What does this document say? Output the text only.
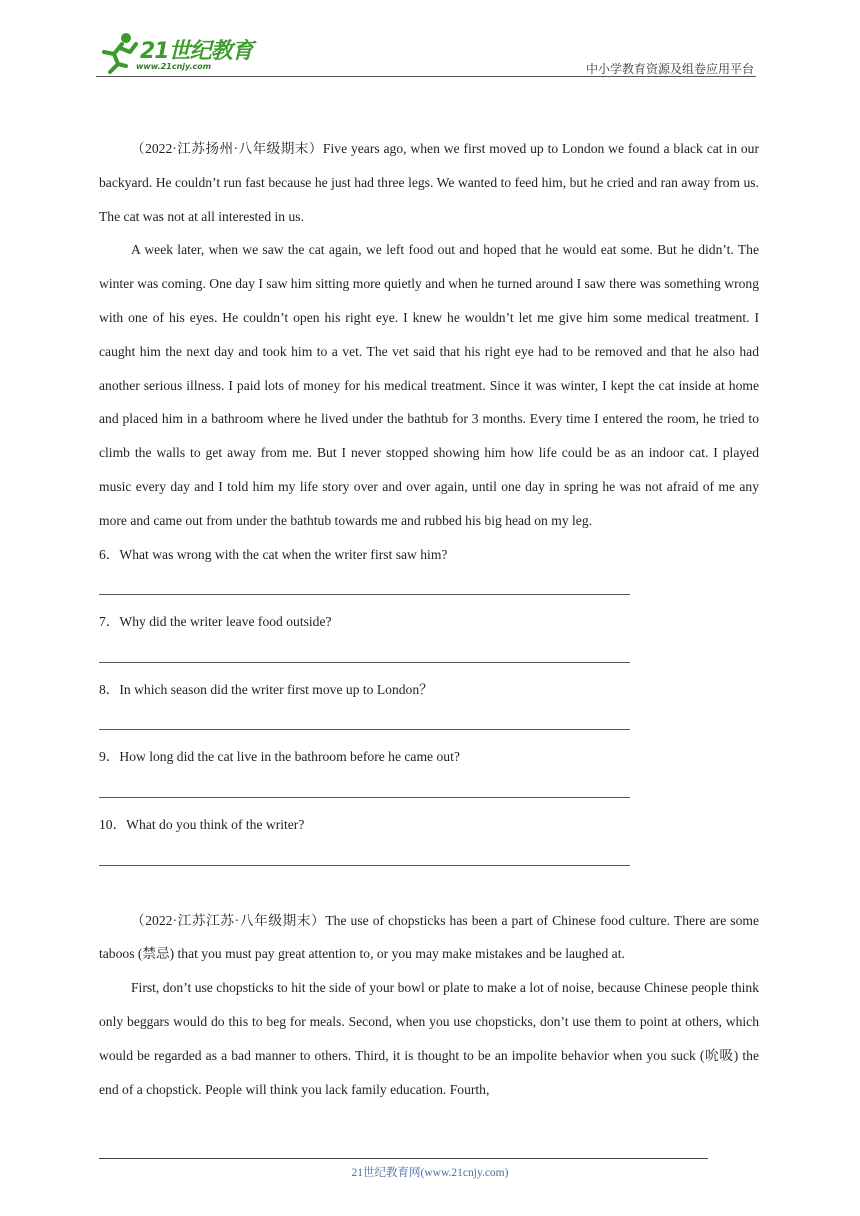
21世纪教育
www.21cnjy.com	中小学教育资源及组卷应用平台

（2022·江苏扬州·八年级期末）Five years ago, when we first moved up to London we found a black cat in our backyard. He couldn’t run fast because he just had three legs. We wanted to feed him, but he cried and ran away from us. The cat was not at all interested in us.

A week later, when we saw the cat again, we left food out and hoped that he would eat some. But he didn’t. The winter was coming. One day I saw him sitting more quietly and when he turned around I saw there was something wrong with one of his eyes. He couldn’t open his right eye. I knew he wouldn’t let me give him some medical treatment. I caught him the next day and took him to a vet. The vet said that his right eye had to be removed and that he also had another serious illness. I paid lots of money for his medical treatment. Since it was winter, I kept the cat inside at home and placed him in a bathroom where he lived under the bathtub for 3 months. Every time I entered the room, he tried to climb the walls to get away from me. But I never stopped showing him how life could be as an indoor cat. I played music every day and I told him my life story over and over again, until one day in spring he was not afraid of me any more and came out from under the bathtub towards me and rubbed his big head on my leg.

6．What was wrong with the cat when the writer first saw him?

7．Why did the writer leave food outside?

8．In which season did the writer first move up to London？

9．How long did the cat live in the bathroom before he came out?

10．What do you think of the writer?

（2022·江苏江苏·八年级期末）The use of chopsticks has been a part of Chinese food culture. There are some taboos (禁忌) that you must pay great attention to, or you may make mistakes and be laughed at.

First, don’t use chopsticks to hit the side of your bowl or plate to make a lot of noise, because Chinese people think only beggars would do this to beg for meals. Second, when you use chopsticks, don’t use them to point at others, which would be regarded as a bad manner to others. Third, it is thought to be an impolite behavior when you suck (吮吸) the end of a chopstick. People will think you lack family education. Fourth,

21世纪教育网(www.21cnjy.com)
